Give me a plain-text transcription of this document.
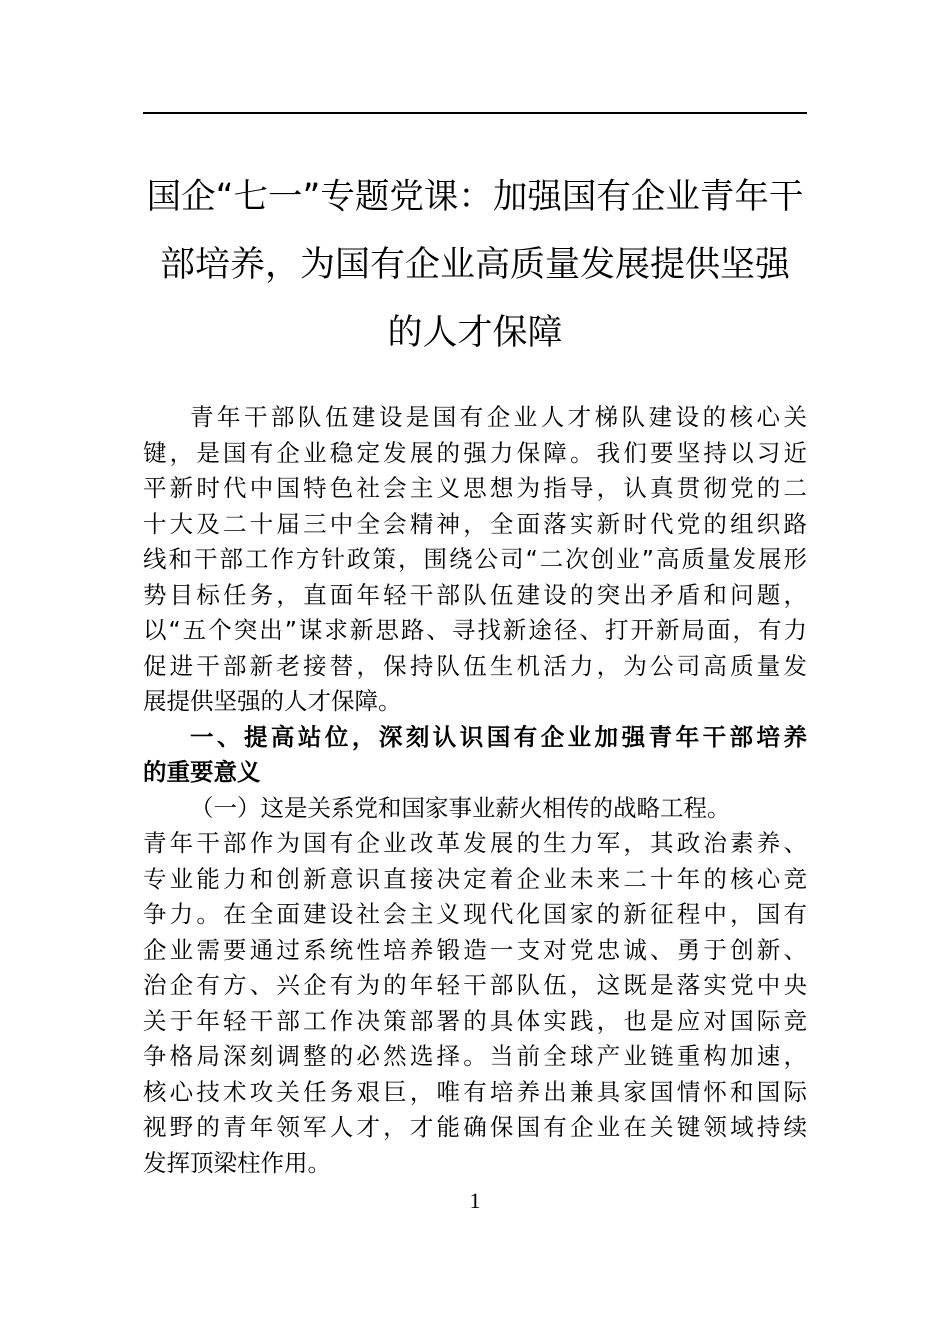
国企“七一”专题党课：加强国有企业青年干
部培养，为国有企业高质量发展提供坚强
的人才保障
青年干部队伍建设是国有企业人才梯队建设的核心关
键，是国有企业稳定发展的强力保障。我们要坚持以习近
平新时代中国特色社会主义思想为指导，认真贯彻党的二
十大及二十届三中全会精神，全面落实新时代党的组织路
线和干部工作方针政策，围绕公司“二次创业”高质量发展形
势目标任务，直面年轻干部队伍建设的突出矛盾和问题，
以“五个突出”谋求新思路、寻找新途径、打开新局面，有力
促进干部新老接替，保持队伍生机活力，为公司高质量发
展提供坚强的人才保障。
一、提高站位，深刻认识国有企业加强青年干部培养
的重要意义
（一）这是关系党和国家事业薪火相传的战略工程。
青年干部作为国有企业改革发展的生力军，其政治素养、
专业能力和创新意识直接决定着企业未来二十年的核心竞
争力。在全面建设社会主义现代化国家的新征程中，国有
企业需要通过系统性培养锻造一支对党忠诚、勇于创新、
治企有方、兴企有为的年轻干部队伍，这既是落实党中央
关于年轻干部工作决策部署的具体实践，也是应对国际竞
争格局深刻调整的必然选择。当前全球产业链重构加速，
核心技术攻关任务艰巨，唯有培养出兼具家国情怀和国际
视野的青年领军人才，才能确保国有企业在关键领域持续
发挥顶梁柱作用。
1
